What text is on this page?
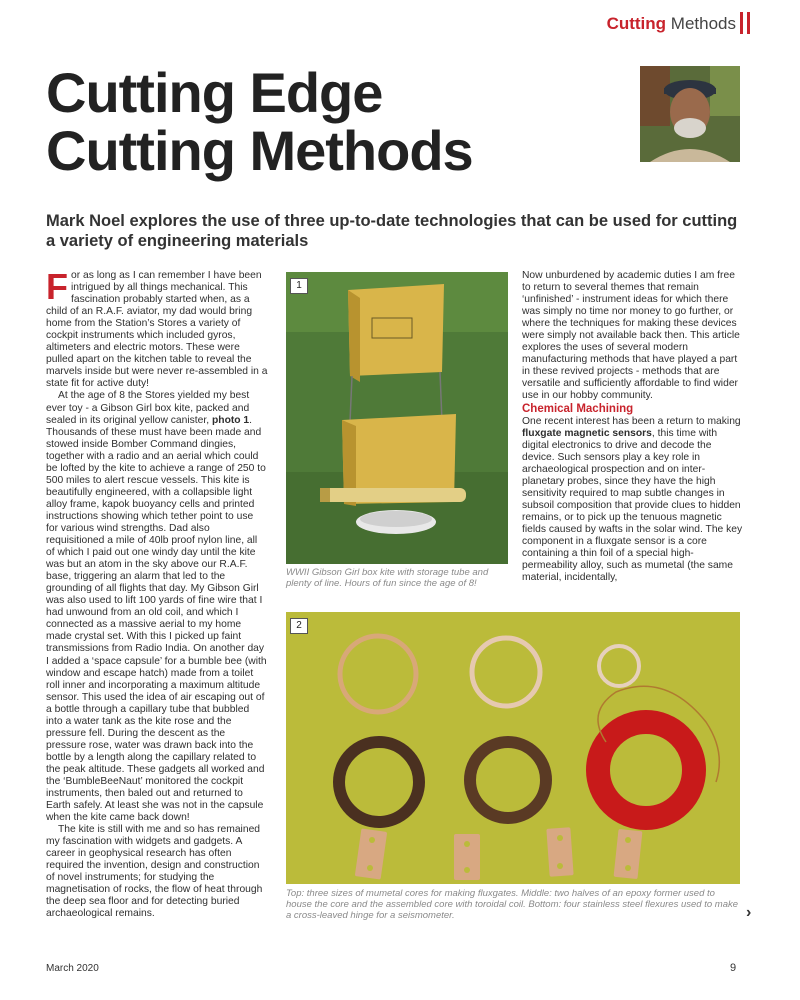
Cutting Methods
Cutting Edge
Cutting Methods

Mark Noel explores the use of three up-to-date technologies that can be used for cutting a variety of engineering materials

For as long as I can remember I have been intrigued by all things mechanical. This fascination probably started when, as a child of an R.A.F. aviator, my dad would bring home from the Station’s Stores a variety of cockpit instruments which included gyros, altimeters and electric motors. These were pulled apart on the kitchen table to reveal the marvels inside but were never re-assembled in a state fit for active duty!

At the age of 8 the Stores yielded my best ever toy - a Gibson Girl box kite, packed and sealed in its original yellow canister, photo 1. Thousands of these must have been made and stowed inside Bomber Command dingies, together with a radio and an aerial which could be lofted by the kite to achieve a range of 250 to 500 miles to alert rescue vessels. This kite is beautifully engineered, with a collapsible light alloy frame, kapok buoyancy cells and printed instructions showing which tether point to use for various wind strengths. Dad also requisitioned a mile of 40lb proof nylon line, all of which I paid out one windy day until the kite was but an atom in the sky above our R.A.F. base, triggering an alarm that led to the grounding of all flights that day. My Gibson Girl was also used to lift 100 yards of fine wire that I had unwound from an old coil, and which I connected as a massive aerial to my home made crystal set. With this I picked up faint transmissions from Radio India. On another day I added a ‘space capsule’ for a bumble bee (with window and escape hatch) made from a toilet roll inner and incorporating a maximum altitude sensor. This used the idea of air escaping out of a bottle through a capillary tube that bubbled into a water tank as the kite rose and the pressure fell. During the descent as the pressure rose, water was drawn back into the bottle by a length along the capillary related to the peak altitude. These gadgets all worked and the ‘BumbleBeeNaut’ monitored the cockpit instruments, then baled out and returned to Earth safely. At least she was not in the capsule when the kite came back down!

The kite is still with me and so has remained my fascination with widgets and gadgets. A career in geophysical research has often required the invention, design and construction of novel instruments; for studying the magnetisation of rocks, the flow of heat through the deep sea floor and for detecting buried archaeological remains.

1

WWII Gibson Girl box kite with storage tube and plenty of line. Hours of fun since the age of 8!

Now unburdened by academic duties I am free to return to several themes that remain ‘unfinished’ - instrument ideas for which there was simply no time nor money to go further, or where the techniques for making these devices were simply not available back then. This article explores the uses of several modern manufacturing methods that have played a part in these revived projects - methods that are versatile and sufficiently affordable to find wider use in our hobby community.

Chemical Machining

One recent interest has been a return to making fluxgate magnetic sensors, this time with digital electronics to drive and decode the device. Such sensors play a key role in archaeological prospection and on inter-planetary probes, since they have the high sensitivity required to map subtle changes in subsoil composition that provide clues to hidden remains, or to pick up the tenuous magnetic fields caused by wafts in the solar wind. The key component in a fluxgate sensor is a core containing a thin foil of a special high-permeability alloy, such as mumetal (the same material, incidentally,

2

Top: three sizes of mumetal cores for making fluxgates. Middle: two halves of an epoxy former used to house the core and the assembled core with toroidal coil. Bottom: four stainless steel flexures used to make a cross-leaved hinge for a seismometer.	›
March 2020	9
